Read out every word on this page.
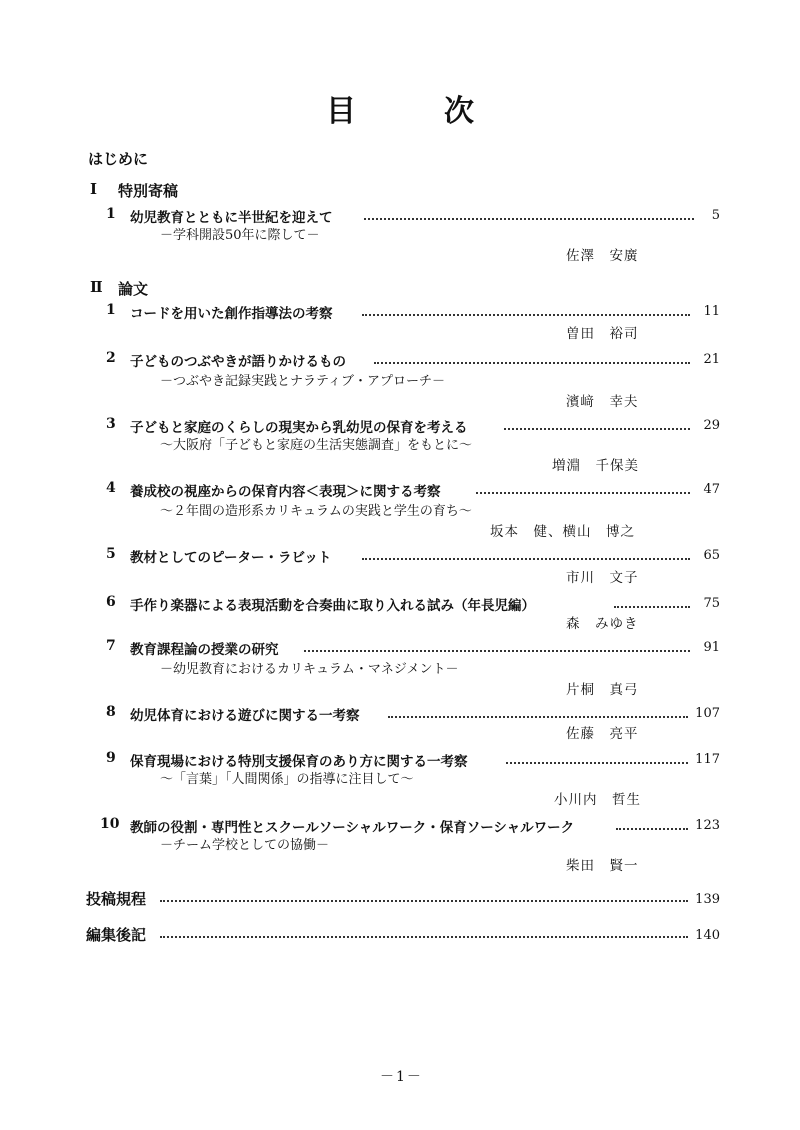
目	次
はじめに
Ⅰ 特別寄稿
1 幼児教育とともに半世紀を迎えて	5
－学科開設50年に際して－
佐澤　安廣
Ⅱ 論文
1 コードを用いた創作指導法の考察	11
曽田　裕司
2 子どものつぶやきが語りかけるもの	21
－つぶやき記録実践とナラティブ・アプローチ－
濱﨑　幸夫
3 子どもと家庭のくらしの現実から乳幼児の保育を考える	29
～大阪府「子どもと家庭の生活実態調査」をもとに～
増淵　千保美
4 養成校の視座からの保育内容＜表現＞に関する考察	47
～２年間の造形系カリキュラムの実践と学生の育ち～
坂本　健、横山　博之
5 教材としてのピーター・ラビット	65
市川　文子
6 手作り楽器による表現活動を合奏曲に取り入れる試み（年長児編）	75
森　みゆき
7 教育課程論の授業の研究	91
－幼児教育におけるカリキュラム・マネジメント－
片桐　真弓
8 幼児体育における遊びに関する一考察	107
佐藤　亮平
9 保育現場における特別支援保育のあり方に関する一考察	117
～「言葉」「人間関係」の指導に注目して～
小川内　哲生
10 教師の役割・専門性とスクールソーシャルワーク・保育ソーシャルワーク	123
－チーム学校としての協働－
柴田　賢一
投稿規程	139
編集後記	140
－1－
